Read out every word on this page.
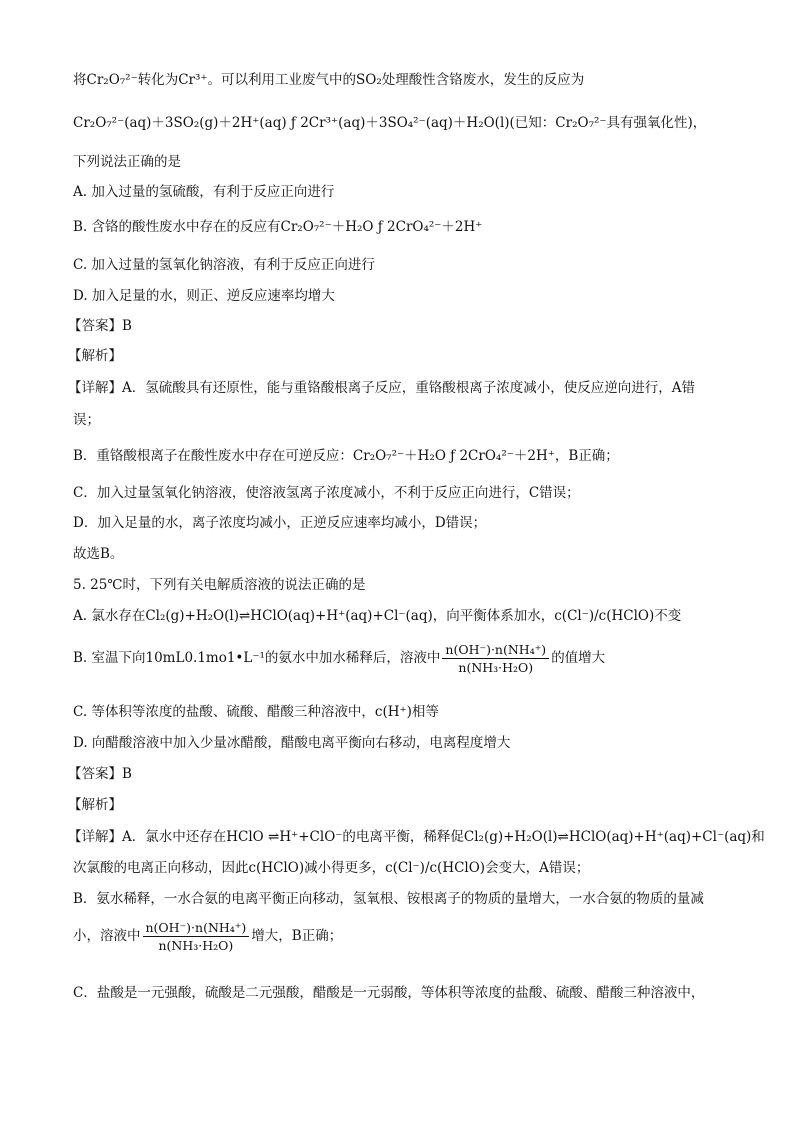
将Cr₂O₇²⁻转化为Cr³⁺。可以利用工业废气中的SO₂处理酸性含铬废水，发生的反应为
Cr₂O₇²⁻(aq)＋3SO₂(g)＋2H⁺(aq) ƒ 2Cr³⁺(aq)＋3SO₄²⁻(aq)＋H₂O(l)(已知：Cr₂O₇²⁻具有强氧化性)，
下列说法正确的是
A. 加入过量的氢硫酸，有利于反应正向进行
B. 含铬的酸性废水中存在的反应有Cr₂O₇²⁻＋H₂O ƒ 2CrO₄²⁻＋2H⁺
C. 加入过量的氢氧化钠溶液，有利于反应正向进行
D. 加入足量的水，则正、逆反应速率均增大
【答案】B
【解析】
【详解】A．氢硫酸具有还原性，能与重铬酸根离子反应，重铬酸根离子浓度减小，使反应逆向进行，A错
误；
B．重铬酸根离子在酸性废水中存在可逆反应：Cr₂O₇²⁻＋H₂O ƒ 2CrO₄²⁻＋2H⁺，B正确；
C．加入过量氢氧化钠溶液，使溶液氢离子浓度减小，不利于反应正向进行，C错误；
D．加入足量的水，离子浓度均减小，正逆反应速率均减小，D错误；
故选B。
5. 25℃时，下列有关电解质溶液的说法正确的是
A. 氯水存在Cl₂(g)+H₂O(l)⇌HClO(aq)+H⁺(aq)+Cl⁻(aq)，向平衡体系加水，c(Cl⁻)/c(HClO)不变
B. 室温下向10mL0.1mo1•L⁻¹的氨水中加水稀释后，溶液中 $\frac{\text{n(OH⁻)·n(NH₄⁺)}}{\text{n(NH₃·H₂O)}}$ 的值增大
C. 等体积等浓度的盐酸、硫酸、醋酸三种溶液中，c(H⁺)相等
D. 向醋酸溶液中加入少量冰醋酸，醋酸电离平衡向右移动，电离程度增大
【答案】B
【解析】
【详解】A．氯水中还存在HClO ⇌H⁺+ClO⁻的电离平衡，稀释促Cl₂(g)+H₂O(l)⇌HClO(aq)+H⁺(aq)+Cl⁻(aq)和
次氯酸的电离正向移动，因此c(HClO)减小得更多，c(Cl⁻)/c(HClO)会变大，A错误；
B．氨水稀释，一水合氨的电离平衡正向移动，氢氧根、铵根离子的物质的量增大，一水合氨的物质的量减
小，溶液中 $\frac{\text{n(OH⁻)·n(NH₄⁺)}}{\text{n(NH₃·H₂O)}}$ 增大，B正确；
C．盐酸是一元强酸，硫酸是二元强酸，醋酸是一元弱酸，等体积等浓度的盐酸、硫酸、醋酸三种溶液中，
